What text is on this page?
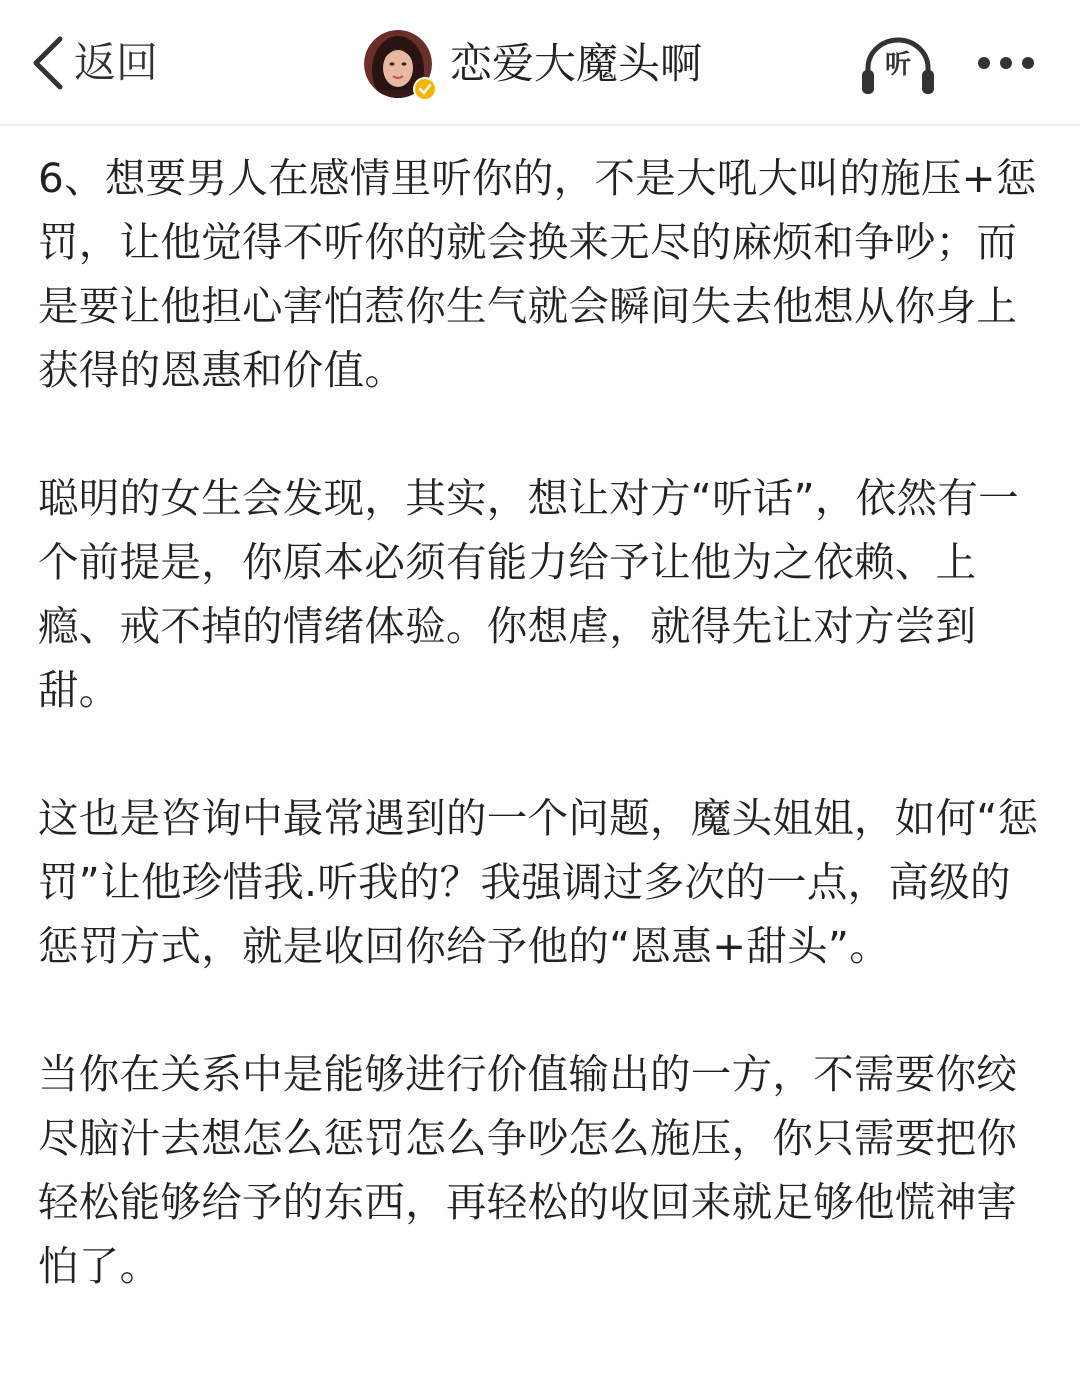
返回	恋爱大魔头啊	听

6、想要男人在感情里听你的，不是大吼大叫的施压+惩罚，让他觉得不听你的就会换来无尽的麻烦和争吵；而是要让他担心害怕惹你生气就会瞬间失去他想从你身上获得的恩惠和价值。

聪明的女生会发现，其实，想让对方“听话”，依然有一个前提是，你原本必须有能力给予让他为之依赖、上瘾、戒不掉的情绪体验。你想虐，就得先让对方尝到甜。

这也是咨询中最常遇到的一个问题，魔头姐姐，如何“惩罚”让他珍惜我.听我的？我强调过多次的一点，高级的惩罚方式，就是收回你给予他的“恩惠+甜头”。

当你在关系中是能够进行价值输出的一方，不需要你绞尽脑汁去想怎么惩罚怎么争吵怎么施压，你只需要把你轻松能够给予的东西，再轻松的收回来就足够他慌神害怕了。
